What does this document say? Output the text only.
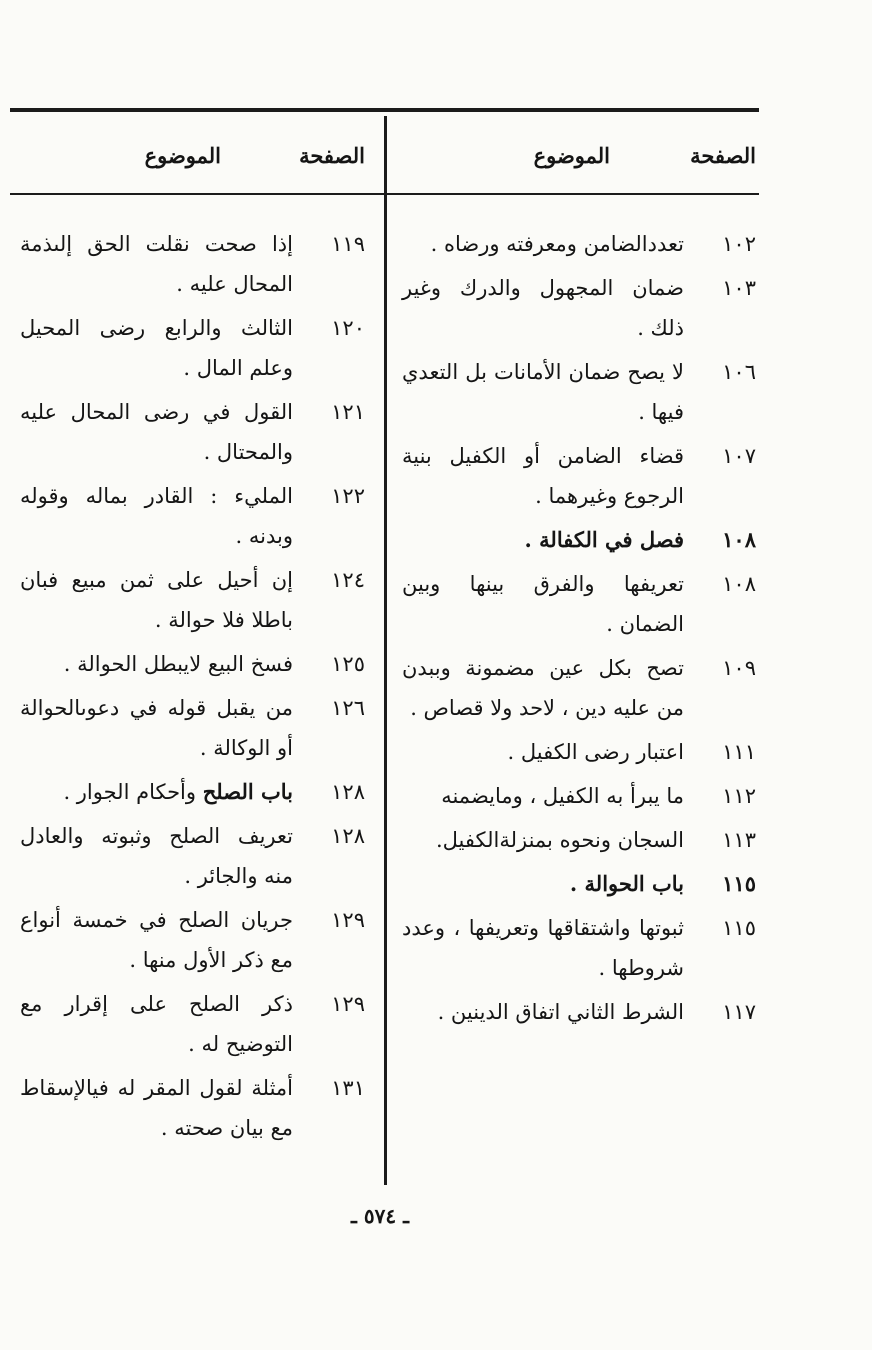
الصفحة
الموضوع
١٠٢
تعددالضامن ومعرفته ورضاه .
١٠٣
ضمان المجهول والدرك وغير ذلك .
١٠٦
لا يصح ضمان الأمانات بل التعدي فيها .
١٠٧
قضاء الضامن أو الكفيل بنية الرجوع وغيرهما .
١٠٨
فصل في الكفالة .
١٠٨
تعريفها والفرق بينها وبين الضمان .
١٠٩
تصح بكل عين مضمونة وببدن من عليه دين ، لاحد ولا قصاص .
١١١
اعتبار رضى الكفيل .
١١٢
ما يبرأ به الكفيل ، ومايضمنه
١١٣
السجان ونحوه بمنزلةالكفيل.
١١٥
باب الحوالة .
١١٥
ثبوتها واشتقاقها وتعريفها ، وعدد شروطها .
١١٧
الشرط الثاني اتفاق الدينين .
الصفحة
الموضوع
١١٩
إذا صحت نقلت الحق إلىذمة المحال عليه .
١٢٠
الثالث والرابع رضى المحيل وعلم المال .
١٢١
القول في رضى المحال عليه والمحتال .
١٢٢
المليء : القادر بماله وقوله وبدنه .
١٢٤
إن أحيل على ثمن مبيع فبان باطلا فلا حوالة .
١٢٥
فسخ البيع لايبطل الحوالة .
١٢٦
من يقبل قوله في دعوىالحوالة أو الوكالة .
١٢٨
باب الصلح وأحكام الجوار .
١٢٨
تعريف الصلح وثبوته والعادل منه والجائر .
١٢٩
جريان الصلح في خمسة أنواع مع ذكر الأول منها .
١٢٩
ذكر الصلح على إقرار مع التوضيح له .
١٣١
أمثلة لقول المقر له فيالإسقاط مع بيان صحته .
ـ ٥٧٤ ـ
